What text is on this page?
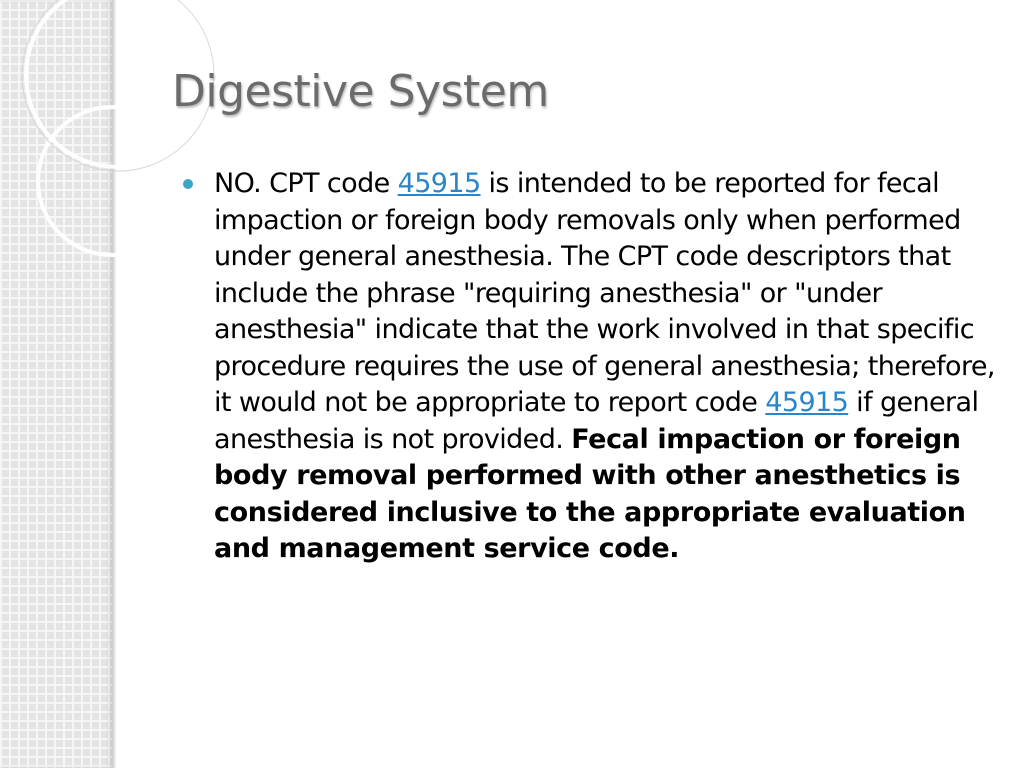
Digestive System
NO. CPT code 45915 is intended to be reported for fecal impaction or foreign body removals only when performed under general anesthesia. The CPT code descriptors that include the phrase "requiring anesthesia" or "under anesthesia" indicate that the work involved in that specific procedure requires the use of general anesthesia; therefore, it would not be appropriate to report code 45915 if general anesthesia is not provided. Fecal impaction or foreign body removal performed with other anesthetics is considered inclusive to the appropriate evaluation and management service code.
